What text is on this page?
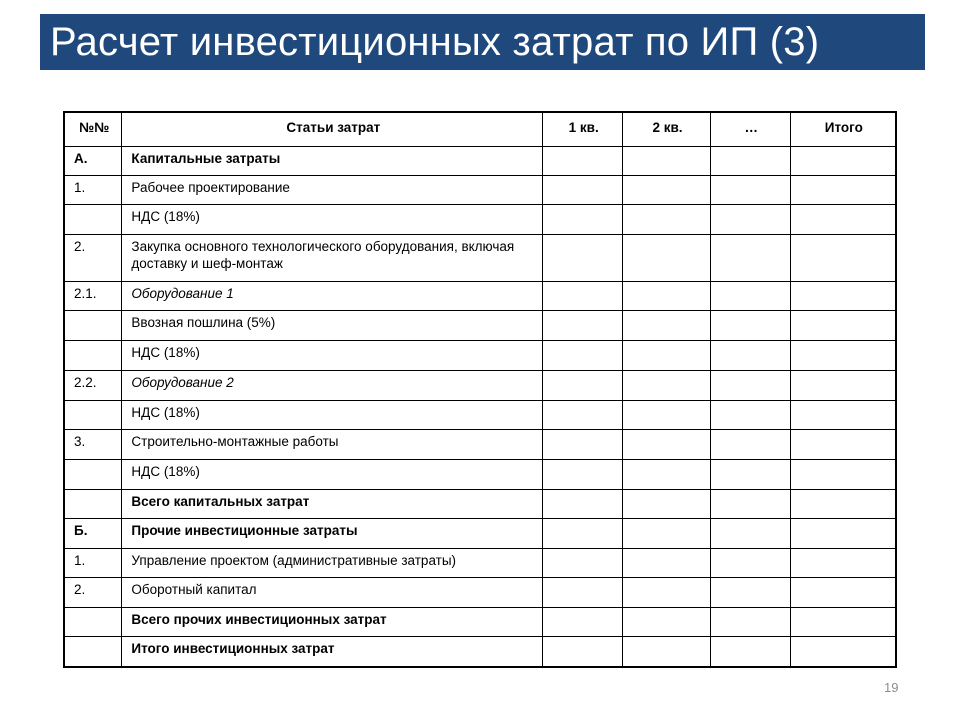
Расчет инвестиционных затрат по ИП (3)
№№	Статьи затрат	1 кв.	2 кв.	…	Итого
А.	Капитальные затраты				
1.	Рабочее проектирование				
	НДС (18%)				
2.	Закупка основного технологического оборудования, включая доставку и шеф-монтаж				
2.1.	Оборудование 1				
	Ввозная пошлина (5%)				
	НДС (18%)				
2.2.	Оборудование 2				
	НДС (18%)				
3.	Строительно-монтажные работы				
	НДС (18%)				
	Всего капитальных затрат				
Б.	Прочие инвестиционные затраты				
1.	Управление проектом (административные затраты)				
2.	Оборотный капитал				
	Всего прочих инвестиционных затрат				
	Итого инвестиционных затрат				
19
